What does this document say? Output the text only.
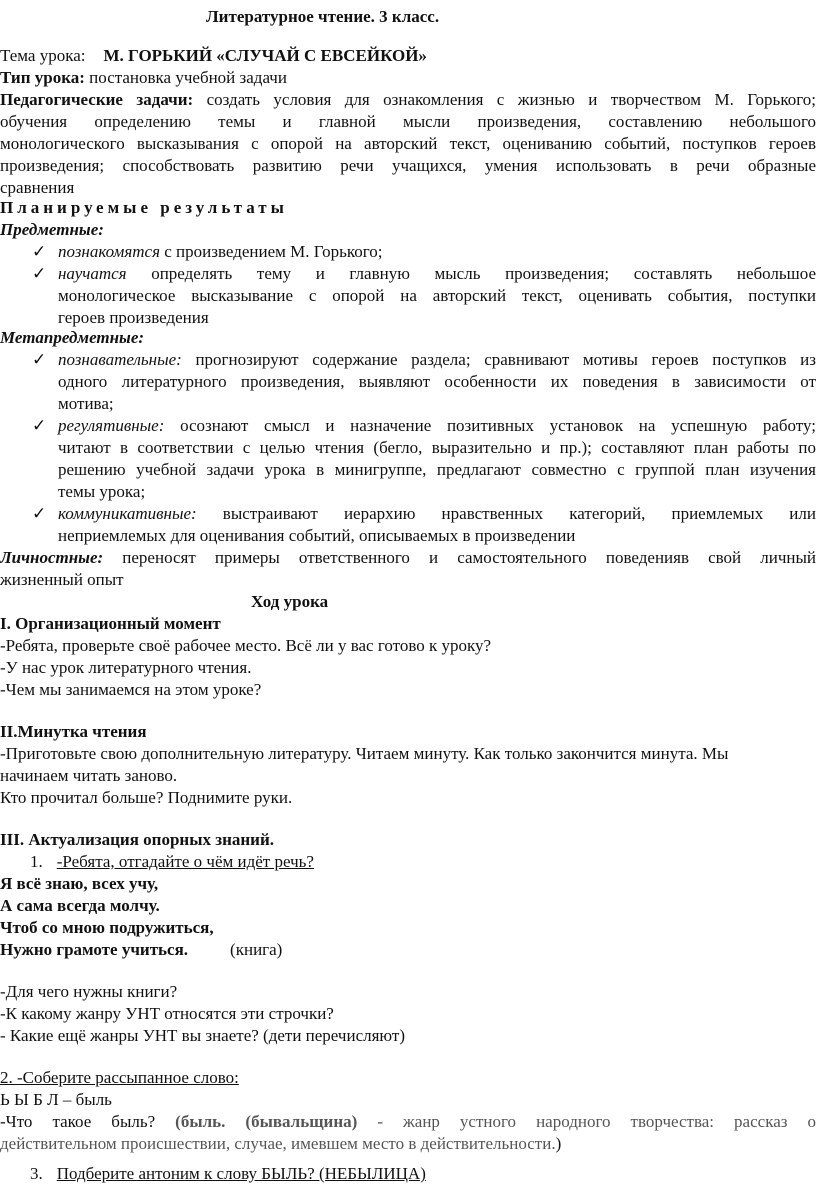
Литературное чтение. 3 класс.

Тема урока: М. ГОРЬКИЙ «СЛУЧАЙ С ЕВСЕЙКОЙ»

Тип урока: постановка учебной задачи

Педагогические задачи: создать условия для ознакомления с жизнью и творчеством М. Горького;

обучения определению темы и главной мысли произведения, составлению небольшого

монологического высказывания с опорой на авторский текст, оцениванию событий, поступков героев

произведения; способствовать развитию речи учащихся, умения использовать в речи образные

сравнения

Планируемые результаты

Предметные:

✓ познакомятся с произведением М. Горького;

✓ научатся определять тему и главную мысль произведения; составлять небольшое

монологическое высказывание с опорой на авторский текст, оценивать события, поступки

героев произведения

Метапредметные:

✓ познавательные: прогнозируют содержание раздела; сравнивают мотивы героев поступков из

одного литературного произведения, выявляют особенности их поведения в зависимости от

мотива;

✓ регулятивные: осознают смысл и назначение позитивных установок на успешную работу;

читают в соответствии с целью чтения (бегло, выразительно и пр.); составляют план работы по

решению учебной задачи урока в минигруппе, предлагают совместно с группой план изучения

темы урока;

✓ коммуникативные: выстраивают иерархию нравственных категорий, приемлемых или

неприемлемых для оценивания событий, описываемых в произведении

Личностные: переносят примеры ответственного и самостоятельного поведенияв свой личный

жизненный опыт

Ход урока

I. Организационный момент

-Ребята, проверьте своё рабочее место. Всё ли у вас готово к уроку?

-У нас урок литературного чтения.

-Чем мы занимаемся на этом уроке?

II.Минутка чтения

-Приготовьте свою дополнительную литературу. Читаем минуту. Как только закончится минута. Мы

начинаем читать заново.

Кто прочитал больше? Поднимите руки.

III. Актуализация опорных знаний.

1. -Ребята, отгадайте о чём идёт речь?

Я всё знаю, всех учу,

А сама всегда молчу.

Чтоб со мною подружиться,

Нужно грамоте учиться. (книга)

-Для чего нужны книги?

-К какому жанру УНТ относятся эти строчки?

- Какие ещё жанры УНТ вы знаете? (дети перечисляют)

2. -Соберите рассыпанное слово:

Ь Ы Б Л – быль

-Что такое быль? (быль. (бывальщина) - жанр устного народного творчества: рассказ о

действительном происшествии, случае, имевшем место в действительности.)

3. Подберите антоним к слову БЫЛЬ? (НЕБЫЛИЦА)
